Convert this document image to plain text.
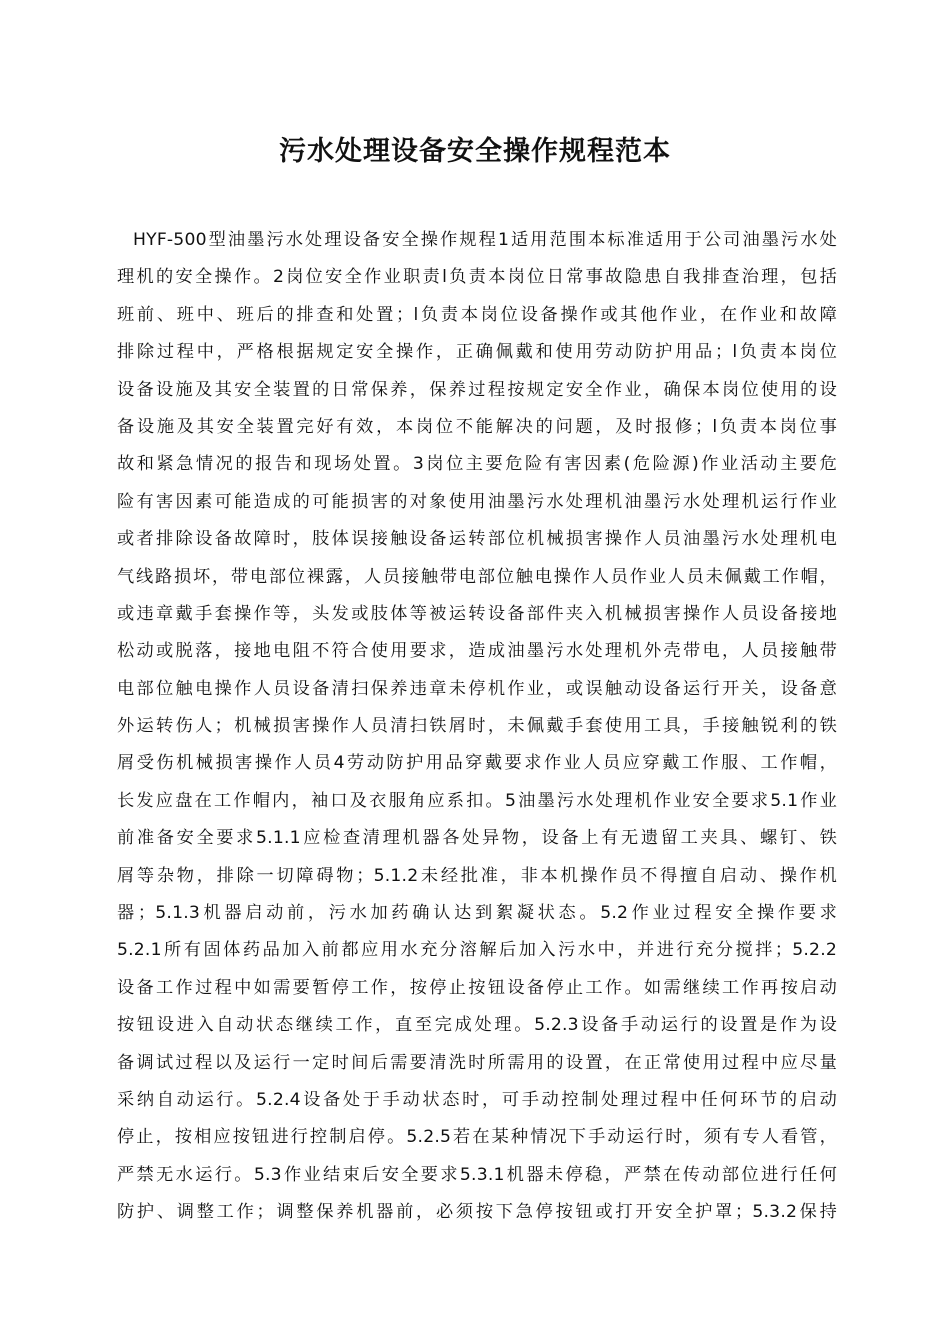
污水处理设备安全操作规程范本
HYF-500型油墨污水处理设备安全操作规程1适用范围本标准适用于公司油墨污水处
理机的安全操作。2岗位安全作业职责l负责本岗位日常事故隐患自我排查治理，包括
班前、班中、班后的排查和处置；l负责本岗位设备操作或其他作业，在作业和故障
排除过程中，严格根据规定安全操作，正确佩戴和使用劳动防护用品；l负责本岗位
设备设施及其安全装置的日常保养，保养过程按规定安全作业，确保本岗位使用的设
备设施及其安全装置完好有效，本岗位不能解决的问题，及时报修；l负责本岗位事
故和紧急情况的报告和现场处置。3岗位主要危险有害因素(危险源)作业活动主要危
险有害因素可能造成的可能损害的对象使用油墨污水处理机油墨污水处理机运行作业
或者排除设备故障时，肢体误接触设备运转部位机械损害操作人员油墨污水处理机电
气线路损坏，带电部位裸露，人员接触带电部位触电操作人员作业人员未佩戴工作帽，
或违章戴手套操作等，头发或肢体等被运转设备部件夹入机械损害操作人员设备接地
松动或脱落，接地电阻不符合使用要求，造成油墨污水处理机外壳带电，人员接触带
电部位触电操作人员设备清扫保养违章未停机作业，或误触动设备运行开关，设备意
外运转伤人；机械损害操作人员清扫铁屑时，未佩戴手套使用工具，手接触锐利的铁
屑受伤机械损害操作人员4劳动防护用品穿戴要求作业人员应穿戴工作服、工作帽，
长发应盘在工作帽内，袖口及衣服角应系扣。5油墨污水处理机作业安全要求5.1作业
前准备安全要求5.1.1应检查清理机器各处异物，设备上有无遗留工夹具、螺钉、铁
屑等杂物，排除一切障碍物；5.1.2未经批准，非本机操作员不得擅自启动、操作机
器；5.1.3机器启动前，污水加药确认达到絮凝状态。5.2作业过程安全操作要求
5.2.1所有固体药品加入前都应用水充分溶解后加入污水中，并进行充分搅拌；5.2.2
设备工作过程中如需要暂停工作，按停止按钮设备停止工作。如需继续工作再按启动
按钮设进入自动状态继续工作，直至完成处理。5.2.3设备手动运行的设置是作为设
备调试过程以及运行一定时间后需要清洗时所需用的设置，在正常使用过程中应尽量
采纳自动运行。5.2.4设备处于手动状态时，可手动控制处理过程中任何环节的启动
停止，按相应按钮进行控制启停。5.2.5若在某种情况下手动运行时，须有专人看管，
严禁无水运行。5.3作业结束后安全要求5.3.1机器未停稳，严禁在传动部位进行任何
防护、调整工作；调整保养机器前，必须按下急停按钮或打开安全护罩；5.3.2保持
